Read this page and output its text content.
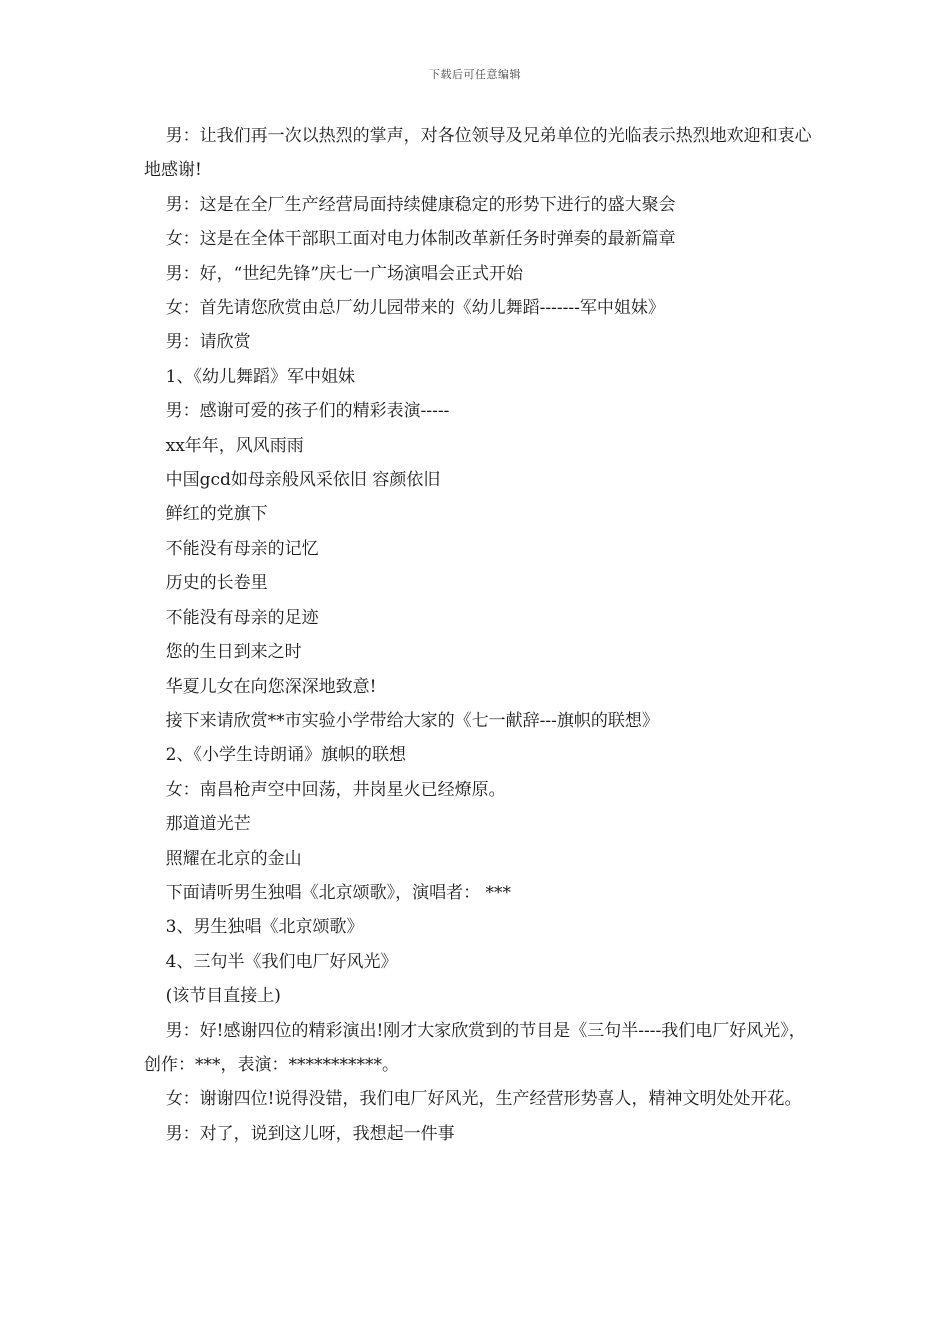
下载后可任意编辑

男：让我们再一次以热烈的掌声，对各位领导及兄弟单位的光临表示热烈地欢迎和衷心地感谢!

男：这是在全厂生产经营局面持续健康稳定的形势下进行的盛大聚会

女：这是在全体干部职工面对电力体制改革新任务时弹奏的最新篇章

男：好，“世纪先锋”庆七一广场演唱会正式开始

女：首先请您欣赏由总厂幼儿园带来的《幼儿舞蹈-------军中姐妹》

男：请欣赏

1、《幼儿舞蹈》军中姐妹

男：感谢可爱的孩子们的精彩表演-----

xx年年，风风雨雨

中国gcd如母亲般风采依旧 容颜依旧

鲜红的党旗下

不能没有母亲的记忆

历史的长卷里

不能没有母亲的足迹

您的生日到来之时

华夏儿女在向您深深地致意!

接下来请欣赏**市实验小学带给大家的《七一献辞---旗帜的联想》

2、《小学生诗朗诵》旗帜的联想

女：南昌枪声空中回荡，井岗星火已经燎原。

那道道光芒

照耀在北京的金山

下面请听男生独唱《北京颂歌》，演唱者： ***

3、男生独唱《北京颂歌》

4、三句半《我们电厂好风光》

(该节目直接上)

男：好!感谢四位的精彩演出!刚才大家欣赏到的节目是《三句半----我们电厂好风光》，创作：***，表演：***********。

女：谢谢四位!说得没错，我们电厂好风光，生产经营形势喜人，精神文明处处开花。

男：对了，说到这儿呀，我想起一件事
